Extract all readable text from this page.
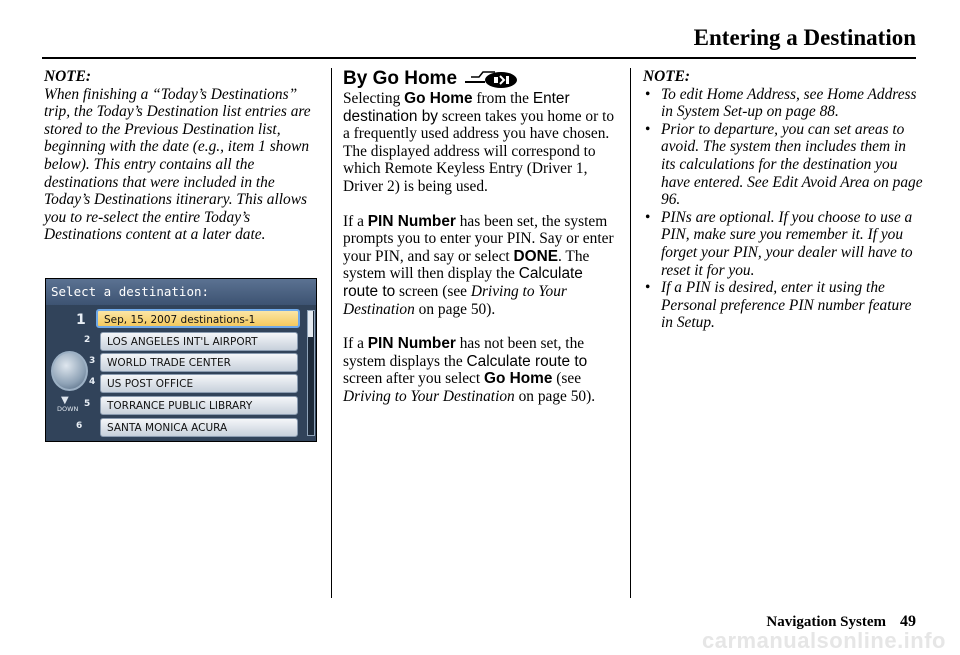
Entering a Destination
NOTE:
When finishing a “Today’s Destinations” trip, the Today’s Destination list entries are stored to the Previous Destination list, beginning with the date (e.g., item 1 shown below). This entry contains all the destinations that were included in the Today’s Destinations itinerary. This allows you to re-select the entire Today’s Destinations content at a later date.
Select a destination:
▼
DOWN
1	Sep, 15, 2007 destinations-1
2	LOS ANGELES INT'L AIRPORT
3	WORLD TRADE CENTER
4	US POST OFFICE
5	TORRANCE PUBLIC LIBRARY
6	SANTA MONICA ACURA
By Go Home

Selecting Go Home from the Enter destination by screen takes you home or to a frequently used address you have chosen. The displayed address will correspond to which Remote Keyless Entry (Driver 1, Driver 2) is being used.

If a PIN Number has been set, the system prompts you to enter your PIN. Say or enter your PIN, and say or select DONE. The system will then display the Calculate route to screen (see Driving to Your Destination on page 50).

If a PIN Number has not been set, the system displays the Calculate route to screen after you select Go Home (see Driving to Your Destination on page 50).

NOTE:
• To edit Home Address, see Home Address in System Set-up on page 88.
• Prior to departure, you can set areas to avoid. The system then includes them in its calculations for the destination you have entered. See Edit Avoid Area on page 96.
• PINs are optional. If you choose to use a PIN, make sure you remember it. If you forget your PIN, your dealer will have to reset it for you.
• If a PIN is desired, enter it using the Personal preference PIN number feature in Setup.
Navigation System 49
carmanualsonline.info
